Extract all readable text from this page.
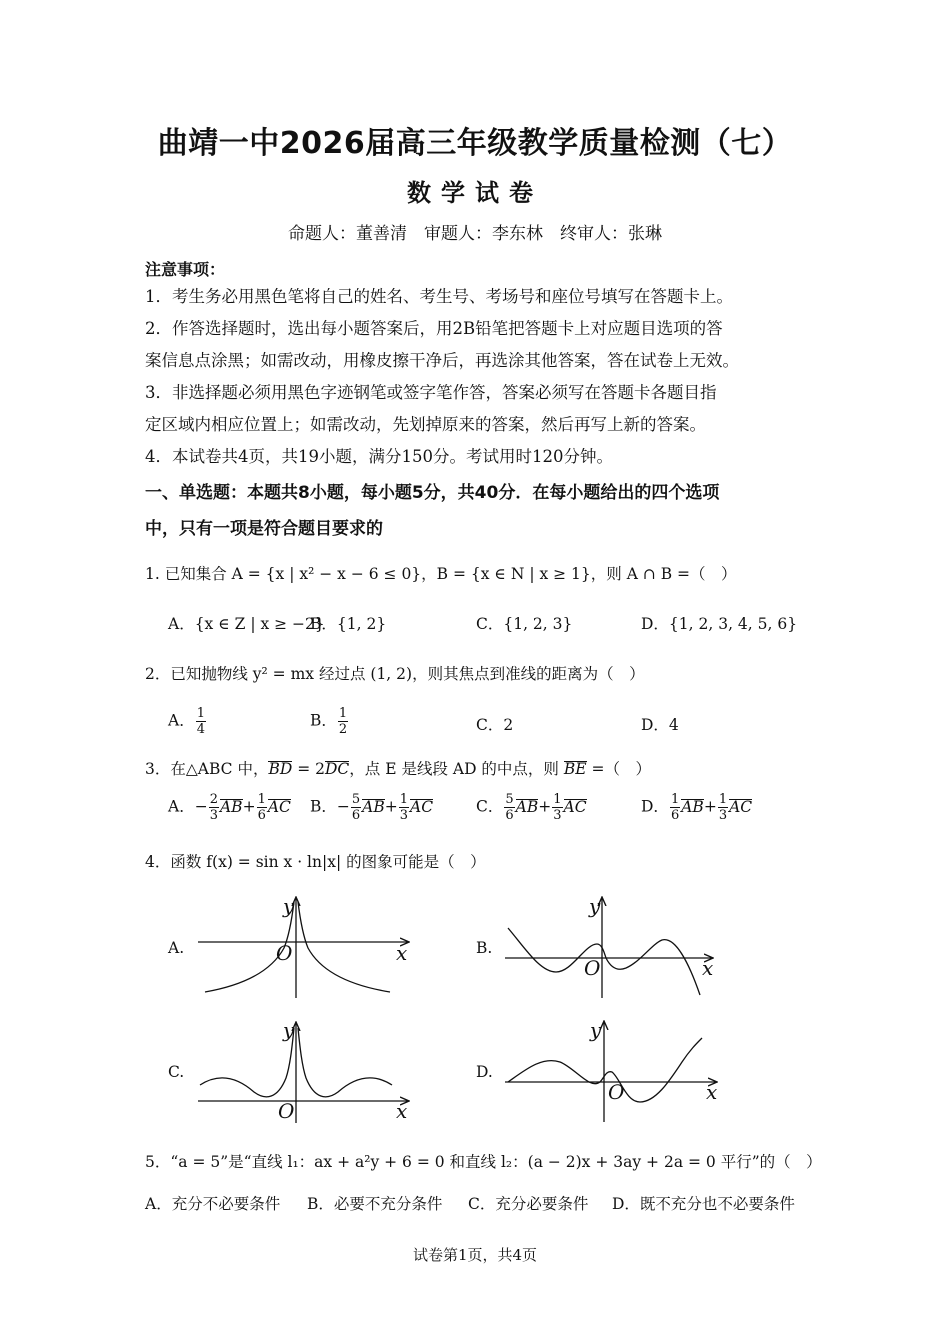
曲靖一中2026届高三年级教学质量检测（七）
数学试卷
命题人：董善清　审题人：李东林　终审人：张琳
注意事项：
1．考生务必用黑色笔将自己的姓名、考生号、考场号和座位号填写在答题卡上。
2．作答选择题时，选出每小题答案后，用2B铅笔把答题卡上对应题目选项的答
案信息点涂黑；如需改动，用橡皮擦干净后，再选涂其他答案，答在试卷上无效。
3．非选择题必须用黑色字迹钢笔或签字笔作答，答案必须写在答题卡各题目指
定区域内相应位置上；如需改动，先划掉原来的答案，然后再写上新的答案。
4．本试卷共4页，共19小题，满分150分。考试用时120分钟。
一、单选题：本题共8小题，每小题5分，共40分．在每小题给出的四个选项
中，只有一项是符合题目要求的
1. 已知集合 A = {x | x² − x − 6 ≤ 0}，B = {x ∈ N | x ≥ 1}，则 A ∩ B =（　）
A．{x ∈ Z | x ≥ −2}
B．{1, 2}	C．{1, 2, 3}	D．{1, 2, 3, 4, 5, 6}
2．已知抛物线 y² = mx 经过点 (1, 2)，则其焦点到准线的距离为（　）
A． $\frac{1}{4}$	B． $\frac{1}{2}$	C．2	D．4
3．在△ABC 中，BD = 2DC，点 E 是线段 AD 的中点，则 BE =（　）
A．− $\frac{2}{3} AB+ \frac{1}{6}$ AC B．− $\frac{5}{6} AB+ \frac{1}{3}$ AC	C． $\frac{5}{6} AB+ \frac{1}{3}$ AC	D． $\frac{1}{6} AB+ \frac{1}{3}$ AC
4．函数 f(x) = sin x · ln|x| 的图象可能是（　）
A.	B.
C.	D.
y
x
O
y
x
O
y
x
O
y
x
O
5．“a = 5”是“直线 l₁：ax + a²y + 6 = 0 和直线 l₂：(a − 2)x + 3ay + 2a = 0 平行”的（　）
A．充分不必要条件 B．必要不充分条件 C．充分必要条件 D．既不充分也不必要条件
试卷第1页，共4页
